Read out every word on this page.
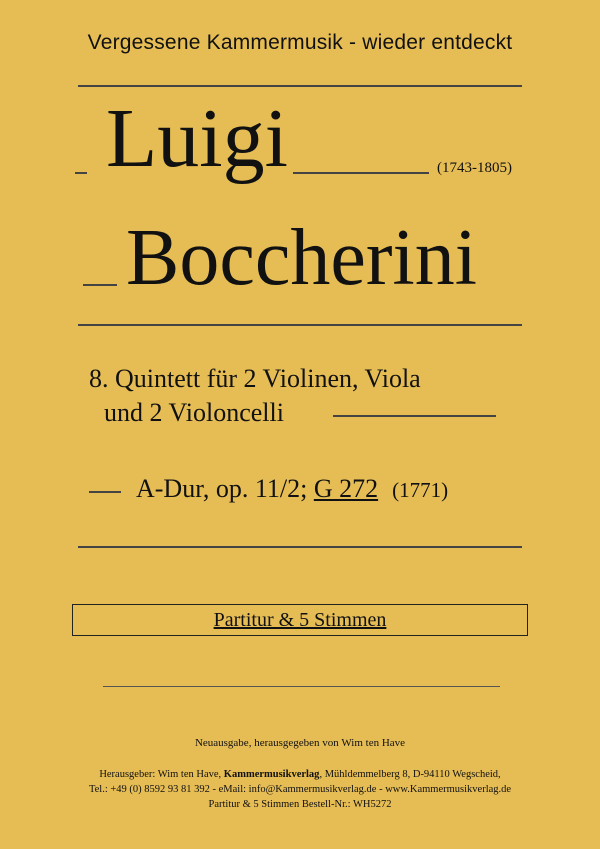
Vergessene Kammermusik - wieder entdeckt
Luigi	(1743-1805)
Boccherini
8. Quintett für 2 Violinen, Viola
und 2 Violoncelli
A-Dur, op. 11/2; G 272 (1771)
Partitur & 5 Stimmen
Neuausgabe, herausgegeben von Wim ten Have
Herausgeber: Wim ten Have, Kammermusikverlag, Mühldemmelberg 8, D-94110 Wegscheid,
Tel.: +49 (0) 8592 93 81 392 - eMail: info@Kammermusikverlag.de - www.Kammermusikverlag.de
Partitur & 5 Stimmen Bestell-Nr.: WH5272
